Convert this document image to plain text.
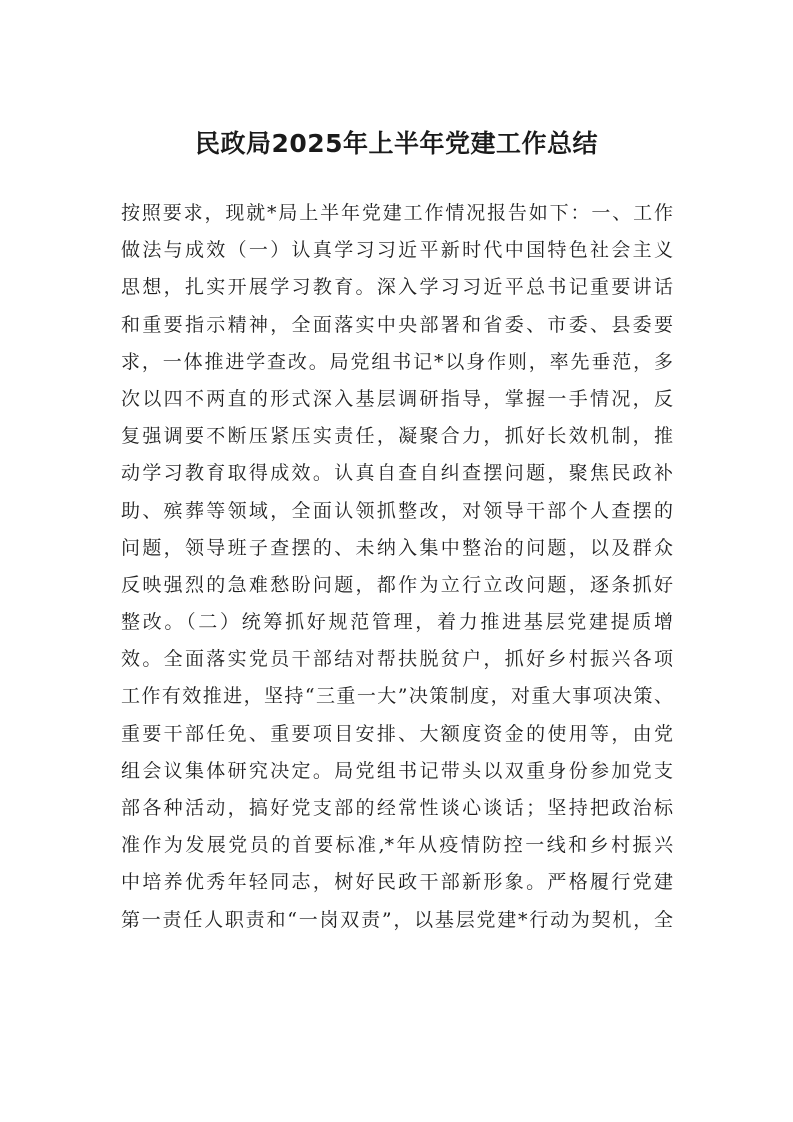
民政局2025年上半年党建工作总结
按照要求，现就*局上半年党建工作情况报告如下：一、工作
做法与成效（一）认真学习习近平新时代中国特色社会主义
思想，扎实开展学习教育。深入学习习近平总书记重要讲话
和重要指示精神，全面落实中央部署和省委、市委、县委要
求，一体推进学查改。局党组书记*以身作则，率先垂范，多
次以四不两直的形式深入基层调研指导，掌握一手情况，反
复强调要不断压紧压实责任，凝聚合力，抓好长效机制，推
动学习教育取得成效。认真自查自纠查摆问题，聚焦民政补
助、殡葬等领域，全面认领抓整改，对领导干部个人查摆的
问题，领导班子查摆的、未纳入集中整治的问题，以及群众
反映强烈的急难愁盼问题，都作为立行立改问题，逐条抓好
整改。（二）统筹抓好规范管理，着力推进基层党建提质增
效。全面落实党员干部结对帮扶脱贫户，抓好乡村振兴各项
工作有效推进，坚持“三重一大”决策制度，对重大事项决策、
重要干部任免、重要项目安排、大额度资金的使用等，由党
组会议集体研究决定。局党组书记带头以双重身份参加党支
部各种活动，搞好党支部的经常性谈心谈话；坚持把政治标
准作为发展党员的首要标准,*年从疫情防控一线和乡村振兴
中培养优秀年轻同志，树好民政干部新形象。严格履行党建
第一责任人职责和“一岗双责”，以基层党建*行动为契机，全
